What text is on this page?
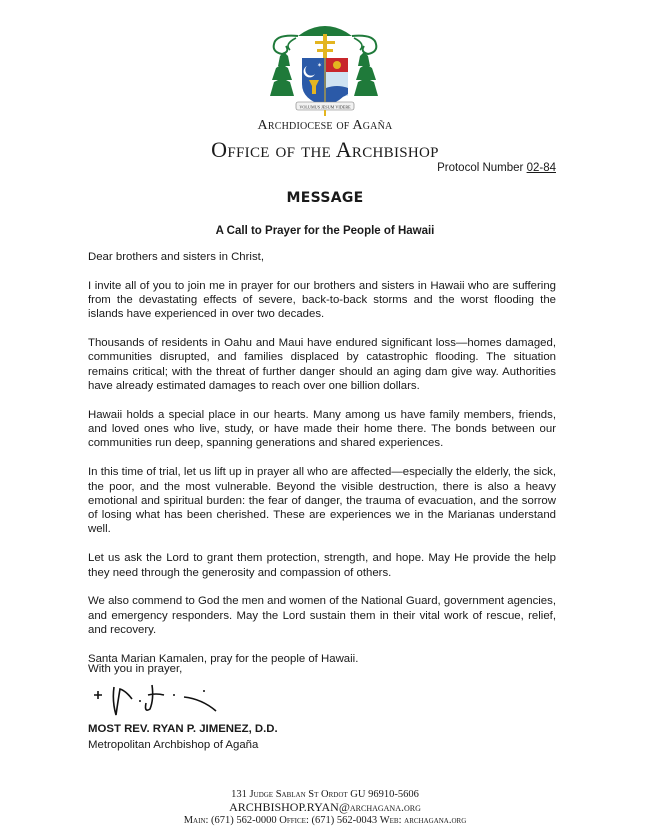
✶
VOLUMUS JESUM VIDERE
Archdiocese of Agaña
Office of the Archbishop
Protocol Number 02-84
MESSAGE
A Call to Prayer for the People of Hawaii

Dear brothers and sisters in Christ,

I invite all of you to join me in prayer for our brothers and sisters in Hawaii who are suffering from the devastating effects of severe, back-to-back storms and the worst flooding the islands have experienced in over two decades.

Thousands of residents in Oahu and Maui have endured significant loss—homes damaged, communities disrupted, and families displaced by catastrophic flooding. The situation remains critical; with the threat of further danger should an aging dam give way. Authorities have already estimated damages to reach over one billion dollars.

Hawaii holds a special place in our hearts. Many among us have family members, friends, and loved ones who live, study, or have made their home there. The bonds between our communities run deep, spanning generations and shared experiences.

In this time of trial, let us lift up in prayer all who are affected—especially the elderly, the sick, the poor, and the most vulnerable. Beyond the visible destruction, there is also a heavy emotional and spiritual burden: the fear of danger, the trauma of evacuation, and the sorrow of losing what has been cherished. These are experiences we in the Marianas understand well.

Let us ask the Lord to grant them protection, strength, and hope. May He provide the help they need through the generosity and compassion of others.

We also commend to God the men and women of the National Guard, government agencies, and emergency responders. May the Lord sustain them in their vital work of rescue, relief, and recovery.

Santa Marian Kamalen, pray for the people of Hawaii.

With you in prayer,
MOST REV. RYAN P. JIMENEZ, D.D.
Metropolitan Archbishop of Agaña
131 Judge Sablan St Ordot GU 96910-5606
ARCHBISHOP.RYAN@archagana.org
Main: (671) 562-0000 Office: (671) 562-0043 Web: archagana.org
